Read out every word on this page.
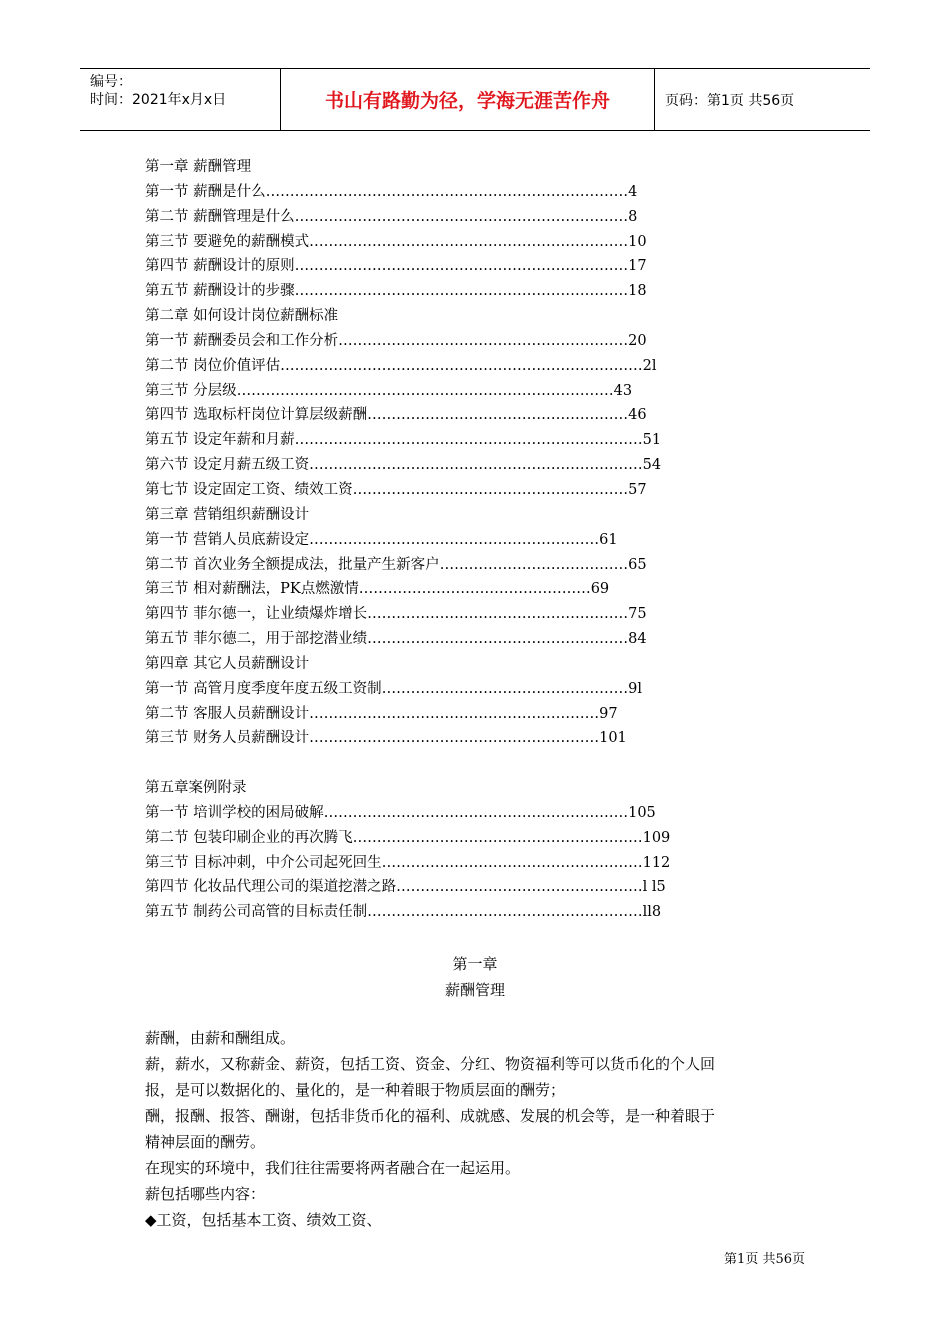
编号：
时间：2021年x月x日	书山有路勤为径，学海无涯苦作舟	页码：第1页 共56页
第一章 薪酬管理
第一节 薪酬是什么…………………………………………………………………4
第二节 薪酬管理是什么……………………………………………………………8
第三节 要避免的薪酬模式…………………………………………………………10
第四节 薪酬设计的原则……………………………………………………………17
第五节 薪酬设计的步骤……………………………………………………………18
第二章 如何设计岗位薪酬标准
第一节 薪酬委员会和工作分析……………………………………………………20
第二节 岗位价值评估…………………………………………………………………2l
第三节 分层级……………………………………………………………………43
第四节 选取标杆岗位计算层级薪酬………………………………………………46
第五节 设定年薪和月薪………………………………………………………………51
第六节 设定月薪五级工资……………………………………………………………54
第七节 设定固定工资、绩效工资…………………………………………………57
第三章 营销组织薪酬设计
第一节 营销人员底薪设定……………………………………………………61
第二节 首次业务全额提成法，批量产生新客户…………………………………65
第三节 相对薪酬法，PK点燃激情…………………………………………69
第四节 菲尔德一，让业绩爆炸增长………………………………………………75
第五节 菲尔德二，用于部挖潜业绩………………………………………………84
第四章 其它人员薪酬设计
第一节 高管月度季度年度五级工资制……………………………………………9l
第二节 客服人员薪酬设计……………………………………………………97
第三节 财务人员薪酬设计……………………………………………………101
第五章案例附录
第一节 培训学校的困局破解………………………………………………………105
第二节 包装印刷企业的再次腾飞……………………………………………………109
第三节 目标冲刺，中介公司起死回生………………………………………………112
第四节 化妆品代理公司的渠道挖潜之路……………………………………………l l5
第五节 制药公司高管的目标责任制…………………………………………………ll8
第一章
薪酬管理

薪酬，由薪和酬组成。

薪，薪水，又称薪金、薪资，包括工资、资金、分红、物资福利等可以货币化的个人回报，是可以数据化的、量化的，是一种着眼于物质层面的酬劳；

酬，报酬、报答、酬谢，包括非货币化的福利、成就感、发展的机会等，是一种着眼于精神层面的酬劳。

在现实的环境中，我们往往需要将两者融合在一起运用。

薪包括哪些内容：

◆工资，包括基本工资、绩效工资、

第1页 共56页
